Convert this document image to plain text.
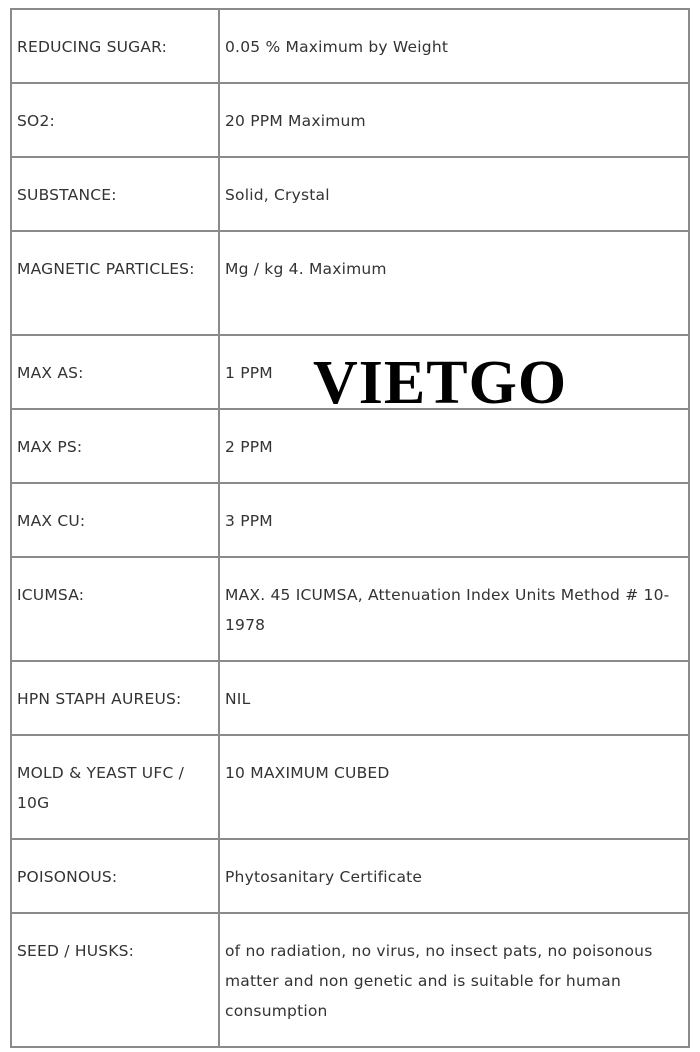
REDUCING SUGAR:	0.05 % Maximum by Weight
SO2:	20 PPM Maximum
SUBSTANCE:	Solid, Crystal
MAGNETIC PARTICLES:	Mg / kg 4. Maximum
MAX AS:	1 PPM
MAX PS:	2 PPM
MAX CU:	3 PPM
ICUMSA:	MAX. 45 ICUMSA, Attenuation Index Units Method # 10-1978
HPN STAPH AUREUS:	NIL
MOLD & YEAST UFC / 10G	10 MAXIMUM CUBED
POISONOUS:	Phytosanitary Certificate
SEED / HUSKS:	of no radiation, no virus, no insect pats, no poisonous matter and non genetic and is suitable for human consumption
VIETGO
